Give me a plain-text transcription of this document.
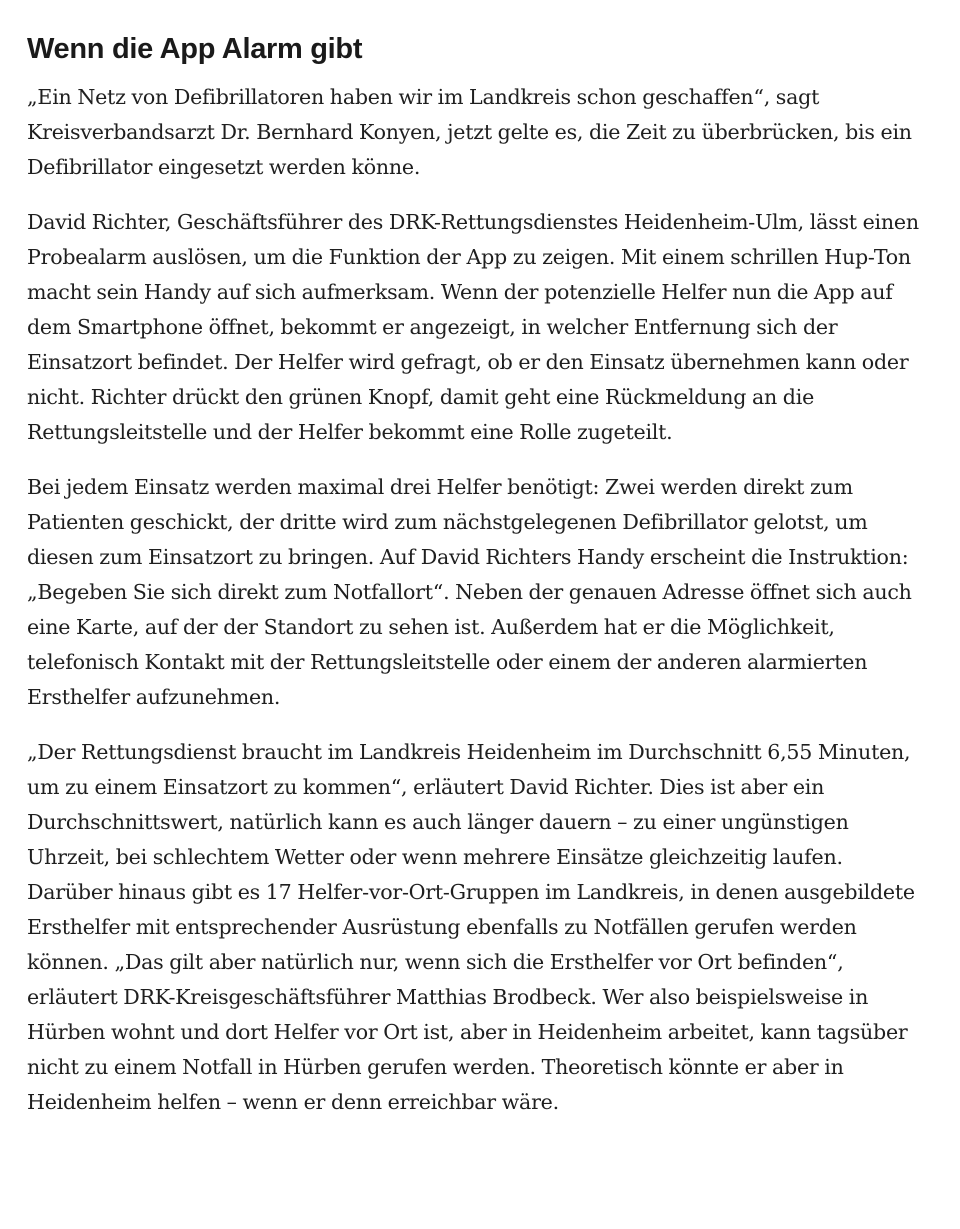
Wenn die App Alarm gibt

„Ein Netz von Defibrillatoren haben wir im Landkreis schon geschaffen“, sagt Kreisverbandsarzt Dr. Bernhard Konyen, jetzt gelte es, die Zeit zu überbrücken, bis ein Defibrillator eingesetzt werden könne.

David Richter, Geschäftsführer des DRK-Rettungsdienstes Heidenheim-Ulm, lässt einen Probealarm auslösen, um die Funktion der App zu zeigen. Mit einem schrillen Hup-Ton macht sein Handy auf sich aufmerksam. Wenn der potenzielle Helfer nun die App auf dem Smartphone öffnet, bekommt er angezeigt, in welcher Entfernung sich der Einsatzort befindet. Der Helfer wird gefragt, ob er den Einsatz übernehmen kann oder nicht. Richter drückt den grünen Knopf, damit geht eine Rückmeldung an die Rettungsleitstelle und der Helfer bekommt eine Rolle zugeteilt.

Bei jedem Einsatz werden maximal drei Helfer benötigt: Zwei werden direkt zum Patienten geschickt, der dritte wird zum nächstgelegenen Defibrillator gelotst, um diesen zum Einsatzort zu bringen. Auf David Richters Handy erscheint die Instruktion: „Begeben Sie sich direkt zum Notfallort“. Neben der genauen Adresse öffnet sich auch eine Karte, auf der der Standort zu sehen ist. Außerdem hat er die Möglichkeit, telefonisch Kontakt mit der Rettungsleitstelle oder einem der anderen alarmierten Ersthelfer aufzunehmen.

„Der Rettungsdienst braucht im Landkreis Heidenheim im Durchschnitt 6,55 Minuten, um zu einem Einsatzort zu kommen“, erläutert David Richter. Dies ist aber ein Durchschnittswert, natürlich kann es auch länger dauern – zu einer ungünstigen Uhrzeit, bei schlechtem Wetter oder wenn mehrere Einsätze gleichzeitig laufen. Darüber hinaus gibt es 17 Helfer-vor-Ort-Gruppen im Landkreis, in denen ausgebildete Ersthelfer mit entsprechender Ausrüstung ebenfalls zu Notfällen gerufen werden können. „Das gilt aber natürlich nur, wenn sich die Ersthelfer vor Ort befinden“, erläutert DRK-Kreisgeschäftsführer Matthias Brodbeck. Wer also beispielsweise in Hürben wohnt und dort Helfer vor Ort ist, aber in Heidenheim arbeitet, kann tagsüber nicht zu einem Notfall in Hürben gerufen werden. Theoretisch könnte er aber in Heidenheim helfen – wenn er denn erreichbar wäre.
